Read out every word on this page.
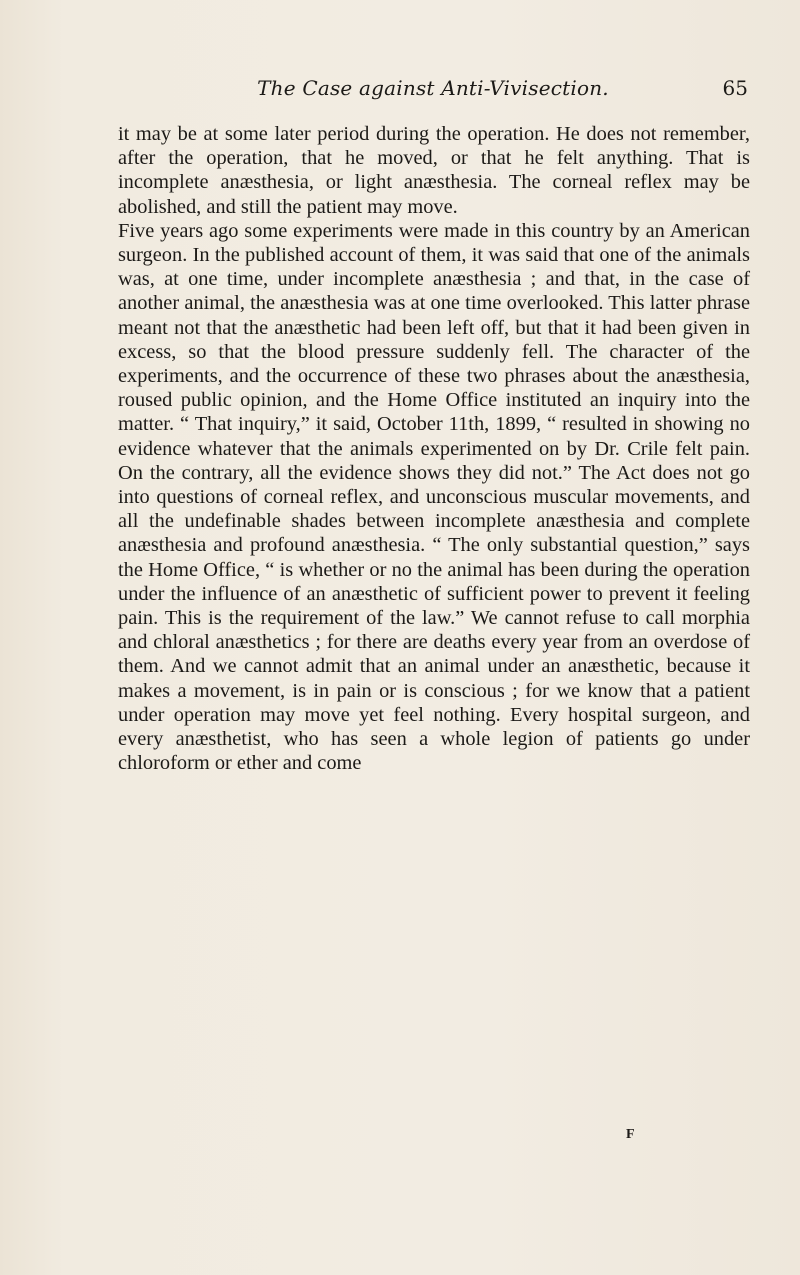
The Case against Anti-Vivisection.	65

it may be at some later period during the operation. He does not remember, after the operation, that he moved, or that he felt anything. That is incomplete anæsthesia, or light anæsthesia. The corneal reflex may be abolished, and still the patient may move.

Five years ago some experiments were made in this country by an American surgeon. In the published account of them, it was said that one of the animals was, at one time, under incomplete anæsthesia ; and that, in the case of another animal, the anæsthesia was at one time overlooked. This latter phrase meant not that the anæsthetic had been left off, but that it had been given in excess, so that the blood pressure suddenly fell. The character of the experiments, and the occurrence of these two phrases about the anæsthesia, roused public opinion, and the Home Office instituted an inquiry into the matter. “ That inquiry,” it said, October 11th, 1899, “ resulted in showing no evidence whatever that the animals experimented on by Dr. Crile felt pain. On the contrary, all the evidence shows they did not.” The Act does not go into questions of corneal reflex, and unconscious muscular movements, and all the undefinable shades between incomplete anæsthesia and complete anæsthesia and profound anæsthesia. “ The only substantial question,” says the Home Office, “ is whether or no the animal has been during the operation under the influence of an anæsthetic of sufficient power to prevent it feeling pain. This is the requirement of the law.” We cannot refuse to call morphia and chloral anæsthetics ; for there are deaths every year from an overdose of them. And we cannot admit that an animal under an anæsthetic, because it makes a movement, is in pain or is conscious ; for we know that a patient under operation may move yet feel nothing. Every hospital surgeon, and every anæsthetist, who has seen a whole legion of patients go under chloroform or ether and come

F
